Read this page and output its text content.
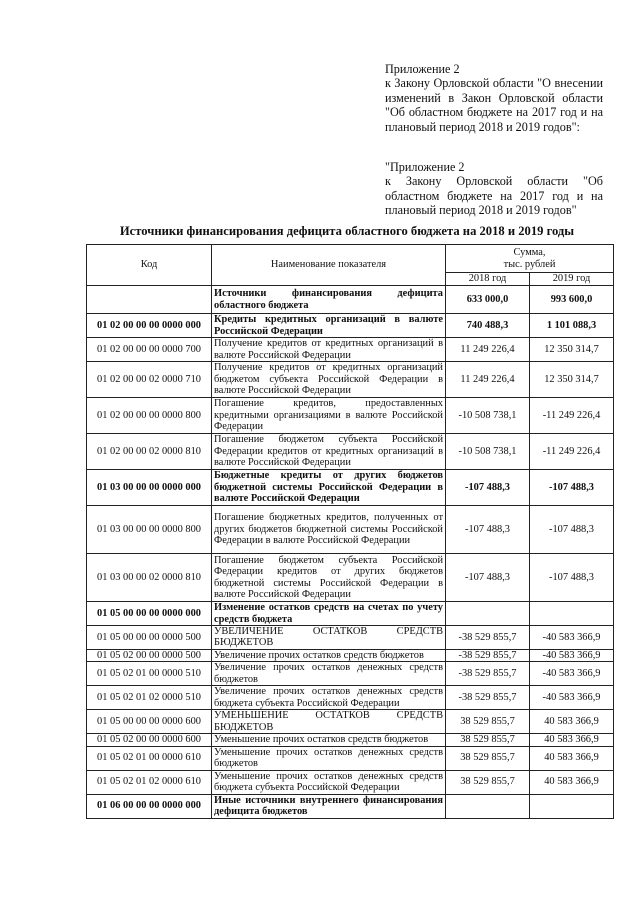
Приложение 2

к Закону Орловской области "О внесении изменений в Закон Орловской области "Об областном бюджете на 2017 год и на плановый период 2018 и 2019 годов":

"Приложение 2

к Закону Орловской области "Об областном бюджете на 2017 год и на плановый период 2018 и 2019 годов"

Источники финансирования дефицита областного бюджета на 2018 и 2019 годы
Код	Наименование показателя	Сумма,
тыс. рублей	

		2018 год	2019 год
	Источники финансирования дефицита областного бюджета	633 000,0	993 600,0
01 02 00 00 00 0000 000	Кредиты кредитных организаций в валюте Российской Федерации	740 488,3	1 101 088,3
01 02 00 00 00 0000 700	Получение кредитов от кредитных организаций в валюте Российской Федерации	11 249 226,4	12 350 314,7
01 02 00 00 02 0000 710	Получение кредитов от кредитных организаций бюджетом субъекта Российской Федерации в валюте Российской Федерации	11 249 226,4	12 350 314,7
01 02 00 00 00 0000 800	Погашение кредитов, предоставленных кредитными организациями в валюте Российской Федерации	-10 508 738,1	-11 249 226,4
01 02 00 00 02 0000 810	Погашение бюджетом субъекта Российской Федерации кредитов от кредитных организаций в валюте Российской Федерации	-10 508 738,1	-11 249 226,4
01 03 00 00 00 0000 000	Бюджетные кредиты от других бюджетов бюджетной системы Российской Федерации в валюте Российской Федерации	-107 488,3	-107 488,3
01 03 00 00 00 0000 800	Погашение бюджетных кредитов, полученных от других бюджетов бюджетной системы Российской Федерации в валюте Российской Федерации	-107 488,3	-107 488,3
01 03 00 00 02 0000 810	Погашение бюджетом субъекта Российской Федерации кредитов от других бюджетов бюджетной системы Российской Федерации в валюте Российской Федерации	-107 488,3	-107 488,3
01 05 00 00 00 0000 000	Изменение остатков средств на счетах по учету средств бюджета		
01 05 00 00 00 0000 500	УВЕЛИЧЕНИЕ ОСТАТКОВ СРЕДСТВ БЮДЖЕТОВ	-38 529 855,7	-40 583 366,9
01 05 02 00 00 0000 500	Увеличение прочих остатков средств бюджетов	-38 529 855,7	-40 583 366,9
01 05 02 01 00 0000 510	Увеличение прочих остатков денежных средств бюджетов	-38 529 855,7	-40 583 366,9
01 05 02 01 02 0000 510	Увеличение прочих остатков денежных средств бюджета субъекта Российской Федерации	-38 529 855,7	-40 583 366,9
01 05 00 00 00 0000 600	УМЕНЬШЕНИЕ ОСТАТКОВ СРЕДСТВ БЮДЖЕТОВ	38 529 855,7	40 583 366,9
01 05 02 00 00 0000 600	Уменьшение прочих остатков средств бюджетов	38 529 855,7	40 583 366,9
01 05 02 01 00 0000 610	Уменьшение прочих остатков денежных средств бюджетов	38 529 855,7	40 583 366,9
01 05 02 01 02 0000 610	Уменьшение прочих остатков денежных средств бюджета субъекта Российской Федерации	38 529 855,7	40 583 366,9
01 06 00 00 00 0000 000	Иные источники внутреннего финансирования дефицита бюджетов		
